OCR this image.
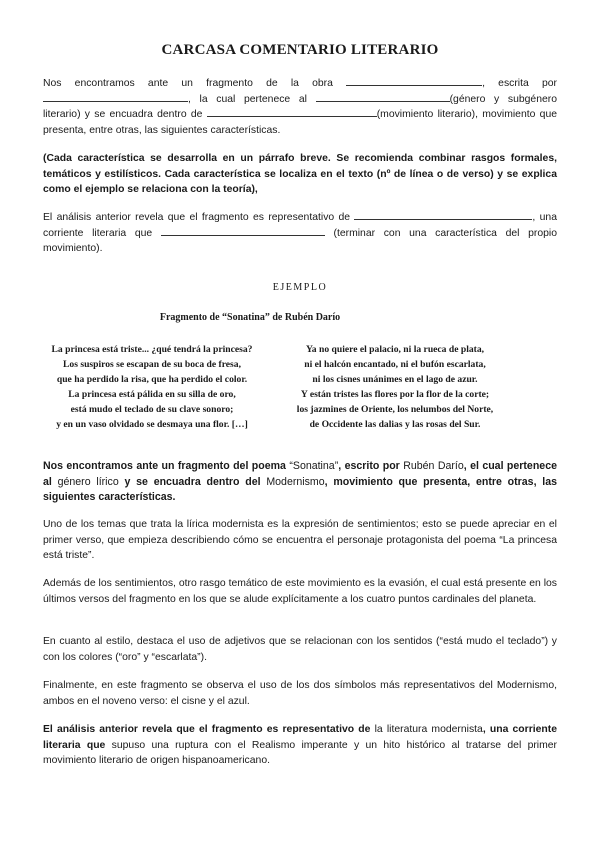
CARCASA COMENTARIO LITERARIO
Nos encontramos ante un fragmento de la obra	, escrita por , la cual pertenece al	(género y subgénero literario) y se encuadra dentro de	(movimiento literario), movimiento que presenta, entre otras, las siguientes características.
(Cada característica se desarrolla en un párrafo breve. Se recomienda combinar rasgos formales, temáticos y estilísticos. Cada característica se localiza en el texto (nº de línea o de verso) y se explica como el ejemplo se relaciona con la teoría),
El análisis anterior revela que el fragmento es representativo de	, una corriente literaria que	(terminar con una característica del propio movimiento).
EJEMPLO
Fragmento de “Sonatina” de Rubén Darío
La princesa está triste... ¿qué tendrá la princesa?
Los suspiros se escapan de su boca de fresa,
que ha perdido la risa, que ha perdido el color.
La princesa está pálida en su silla de oro,
está mudo el teclado de su clave sonoro;
y en un vaso olvidado se desmaya una flor. […]
Ya no quiere el palacio, ni la rueca de plata,
ni el halcón encantado, ni el bufón escarlata,
ni los cisnes unánimes en el lago de azur.
Y están tristes las flores por la flor de la corte;
los jazmines de Oriente, los nelumbos del Norte,
de Occidente las dalias y las rosas del Sur.
Nos encontramos ante un fragmento del poema “Sonatina”, escrito por Rubén Darío, el cual pertenece al género lírico y se encuadra dentro del Modernismo, movimiento que presenta, entre otras, las siguientes características.
Uno de los temas que trata la lírica modernista es la expresión de sentimientos; esto se puede apreciar en el primer verso, que empieza describiendo cómo se encuentra el personaje protagonista del poema “La princesa está triste”.
Además de los sentimientos, otro rasgo temático de este movimiento es la evasión, el cual está presente en los últimos versos del fragmento en los que se alude explícitamente a los cuatro puntos cardinales del planeta.
En cuanto al estilo, destaca el uso de adjetivos que se relacionan con los sentidos (“está mudo el teclado”) y con los colores (“oro” y “escarlata”).
Finalmente, en este fragmento se observa el uso de los dos símbolos más representativos del Modernismo, ambos en el noveno verso: el cisne y el azul.
El análisis anterior revela que el fragmento es representativo de la literatura modernista, una corriente literaria que supuso una ruptura con el Realismo imperante y un hito histórico al tratarse del primer movimiento literario de origen hispanoamericano.
